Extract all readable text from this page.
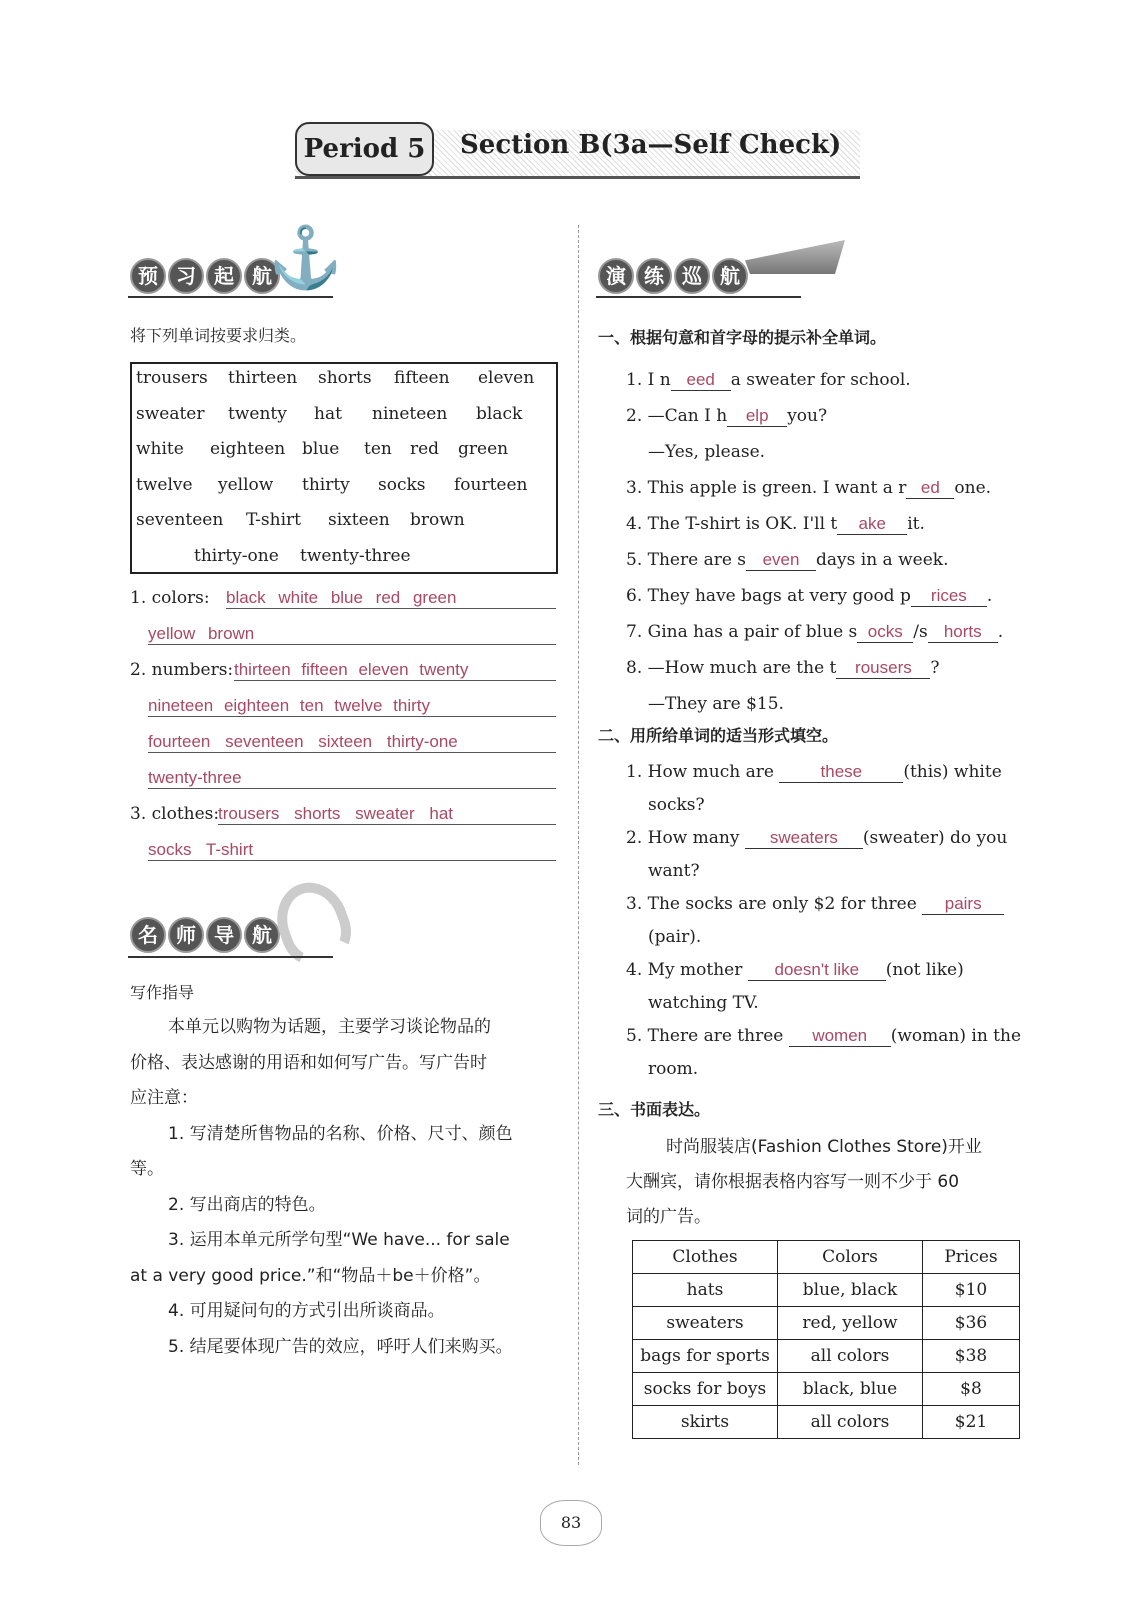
Period 5	Section B(3a—Self Check)
预 习 起 航
⚓
将下列单词按要求归类。
trousers	thirteen	shorts	fifteen	eleven
sweater	twenty	hat	nineteen	black
white	eighteen blue	ten	red	green
twelve	yellow	thirty	socks	fourteen
seventeen	T-shirt	sixteen	brown
thirty-one	twenty-three
1. colors: black white blue red green
yellow brown
2. numbers: thirteen fifteen eleven twenty
nineteen eighteen ten twelve thirty
fourteen seventeen sixteen thirty-one
twenty-three
3. clothes:
trousers shorts sweater hat
socks T-shirt
名 师 导 航
写作指导
本单元以购物为话题，主要学习谈论物品的
价格、表达感谢的用语和如何写广告。写广告时
应注意：
1. 写清楚所售物品的名称、价格、尺寸、颜色
等。
2. 写出商店的特色。
3. 运用本单元所学句型“We have... for sale
at a very good price.”和“物品＋be＋价格”。
4. 可用疑问句的方式引出所谈商品。
5. 结尾要体现广告的效应，呼吁人们来购买。
演 练 巡 航
一、根据句意和首字母的提示补全单词。
1. I n eed a sweater for school.
2. —Can I h elp you?
—Yes, please.
3. This apple is green. I want a r ed one.
4. The T-shirt is OK. I'll t ake it.
5. There are s even days in a week.
6. They have bags at very good p rices .
7. Gina has a pair of blue s ocks /s horts .
8. —How much are the t rousers ?
—They are $15.
二、用所给单词的适当形式填空。
1. How much are	these (this) white
socks?
2. How many sweaters (sweater) do you
want?
3. The socks are only $2 for three pairs
(pair).
4. My mother doesn't like (not like)
watching TV.
5. There are three women (woman) in the
room.
三、书面表达。
时尚服装店(Fashion Clothes Store)开业
大酬宾，请你根据表格内容写一则不少于 60
词的广告。
Clothes	Colors	Prices
hats	blue, black	$10
sweaters	red, yellow	$36
bags for sports	all colors	$38
socks for boys	black, blue	$8
skirts	all colors	$21
83
